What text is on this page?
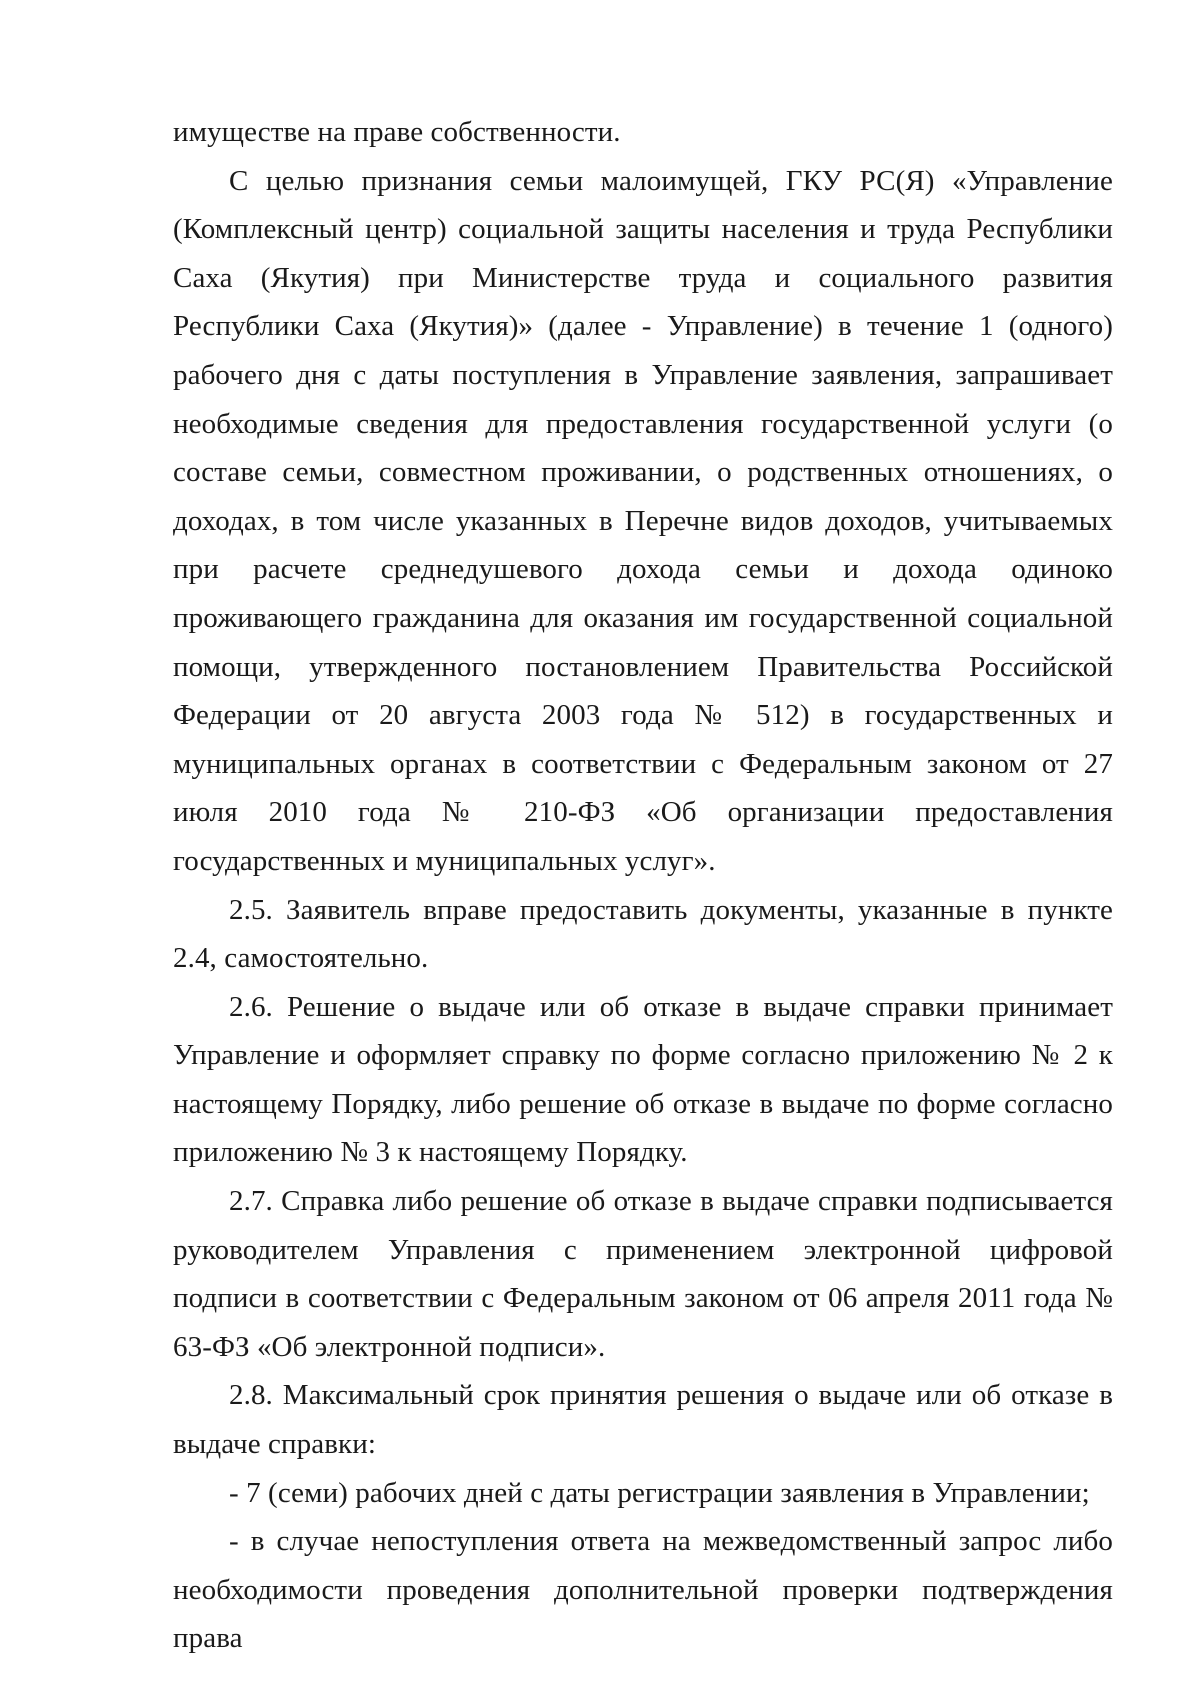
имуществе на праве собственности.

С целью признания семьи малоимущей, ГКУ РС(Я) «Управление (Комплексный центр) социальной защиты населения и труда Республики Саха (Якутия) при Министерстве труда и социального развития Республики Саха (Якутия)» (далее - Управление) в течение 1 (одного) рабочего дня с даты поступления в Управление заявления, запрашивает необходимые сведения для предоставления государственной услуги (о составе семьи, совместном проживании, о родственных отношениях, о доходах, в том числе указанных в Перечне видов доходов, учитываемых при расчете среднедушевого дохода семьи и дохода одиноко проживающего гражданина для оказания им государственной социальной помощи, утвержденного постановлением Правительства Российской Федерации от 20 августа 2003 года № 512) в государственных и муниципальных органах в соответствии с Федеральным законом от 27 июля 2010 года № 210-ФЗ «Об организации предоставления государственных и муниципальных услуг».

2.5. Заявитель вправе предоставить документы, указанные в пункте 2.4, самостоятельно.

2.6. Решение о выдаче или об отказе в выдаче справки принимает Управление и оформляет справку по форме согласно приложению № 2 к настоящему Порядку, либо решение об отказе в выдаче по форме согласно приложению № 3 к настоящему Порядку.

2.7. Справка либо решение об отказе в выдаче справки подписывается руководителем Управления с применением электронной цифровой подписи в соответствии с Федеральным законом от 06 апреля 2011 года № 63-ФЗ «Об электронной подписи».

2.8. Максимальный срок принятия решения о выдаче или об отказе в выдаче справки:

- 7 (семи) рабочих дней с даты регистрации заявления в Управлении;

- в случае непоступления ответа на межведомственный запрос либо необходимости проведения дополнительной проверки подтверждения права
